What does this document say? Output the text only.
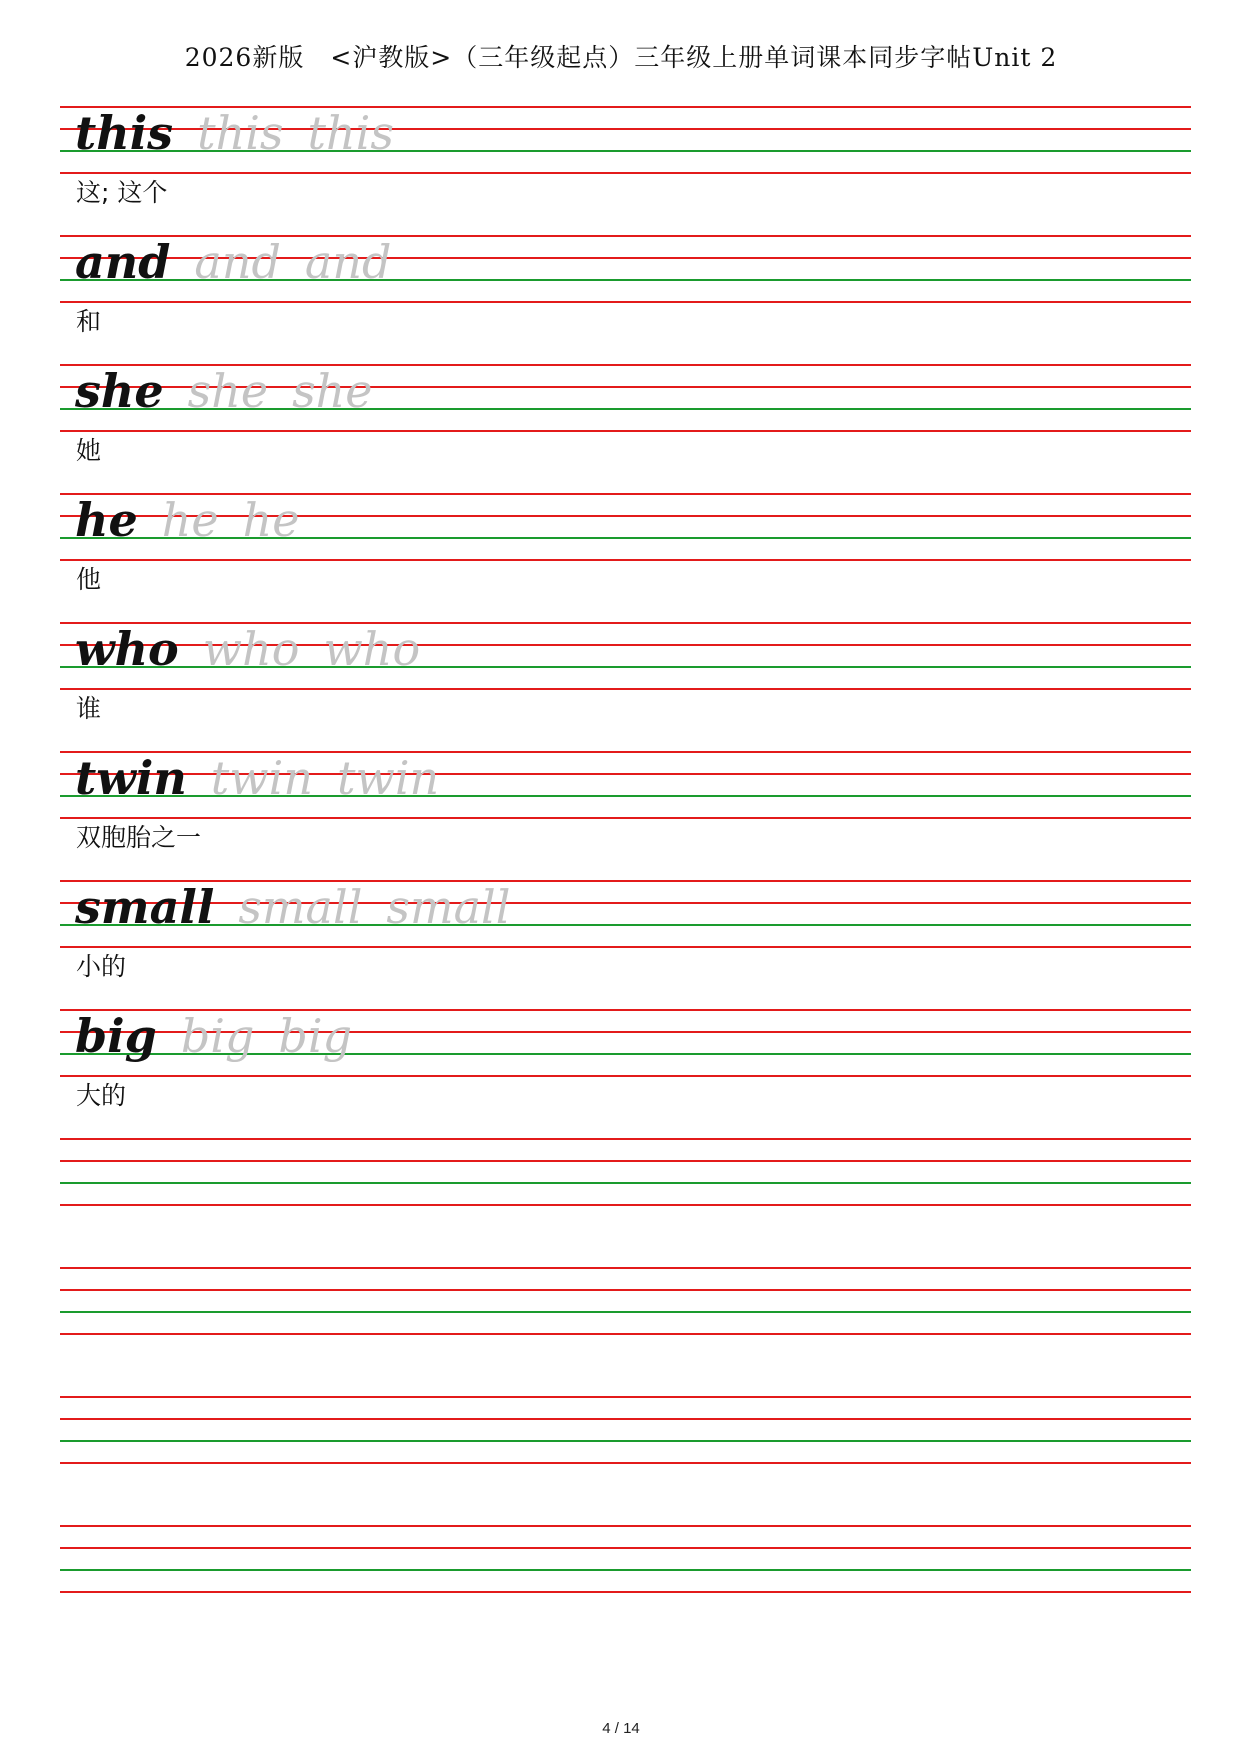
2026新版　<沪教版>（三年级起点）三年级上册单词课本同步字帖Unit 2
this this this
这; 这个
and and and
和
she she she
她
he he he
他
who who who
谁
twin twin twin
双胞胎之一
small small small
小的
big big big
大的
4 / 14
